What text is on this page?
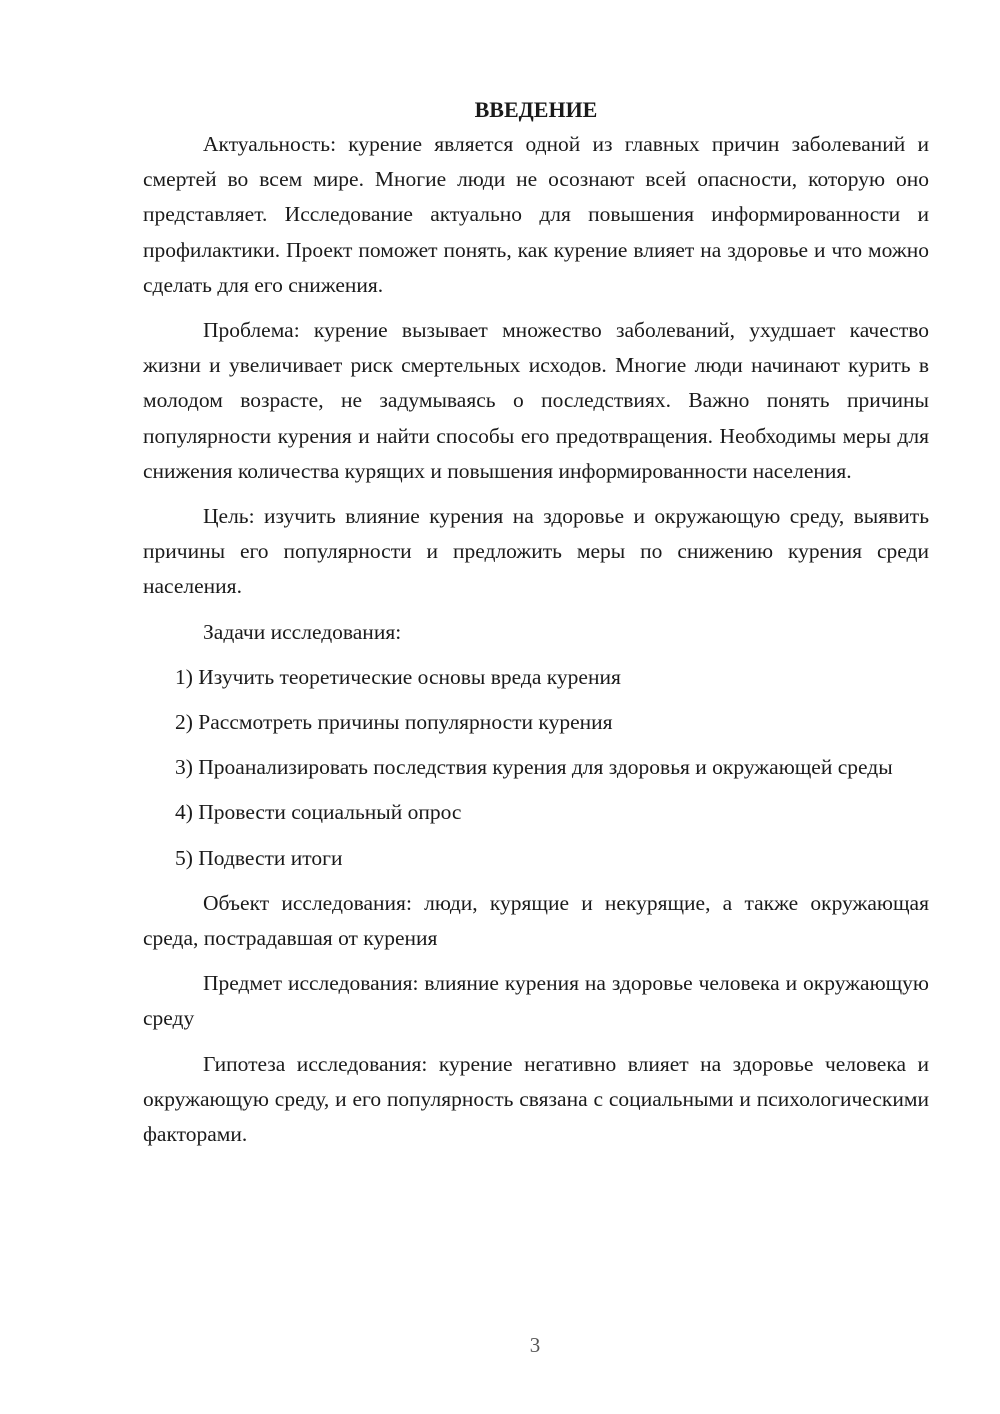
ВВЕДЕНИЕ

Актуальность: курение является одной из главных причин заболеваний и смертей во всем мире. Многие люди не осознают всей опасности, которую оно представляет. Исследование актуально для повышения информированности и профилактики. Проект поможет понять, как курение влияет на здоровье и что можно сделать для его снижения.

Проблема: курение вызывает множество заболеваний, ухудшает качество жизни и увеличивает риск смертельных исходов. Многие люди начинают курить в молодом возрасте, не задумываясь о последствиях. Важно понять причины популярности курения и найти способы его предотвращения. Необходимы меры для снижения количества курящих и повышения информированности населения.

Цель: изучить влияние курения на здоровье и окружающую среду, выявить причины его популярности и предложить меры по снижению курения среди населения.

Задачи исследования:

1) Изучить теоретические основы вреда курения

2) Рассмотреть причины популярности курения

3) Проанализировать последствия курения для здоровья и окружающей среды

4) Провести социальный опрос

5) Подвести итоги

Объект исследования: люди, курящие и некурящие, а также окружающая среда, пострадавшая от курения

Предмет исследования: влияние курения на здоровье человека и окружающую среду

Гипотеза исследования: курение негативно влияет на здоровье человека и окружающую среду, и его популярность связана с социальными и психологическими факторами.

3
